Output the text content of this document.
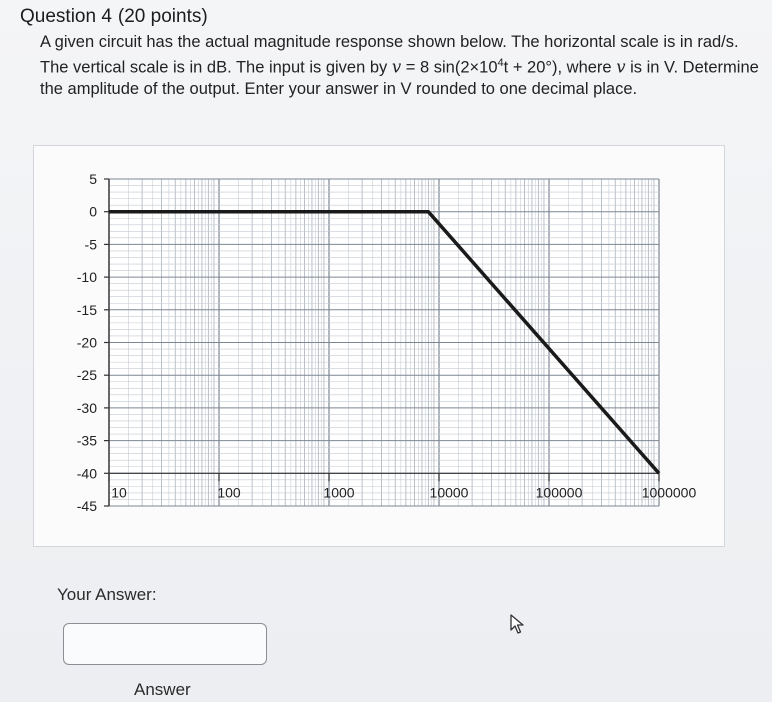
Question 4 (20 points)
A given circuit has the actual magnitude response shown below. The horizontal scale is in rad/s. The vertical scale is in dB. The input is given by v = 8 $\sin(2\times 10^4t + 20^\circ)$, where v is in V. Determine the amplitude of the output. Enter your answer in V rounded to one decimal place.
5
0
-5
-10
-15
-20
-25
-30
-35
-40
-45
10	100	1000	10000	100000	1000000
Your Answer:
Answer
